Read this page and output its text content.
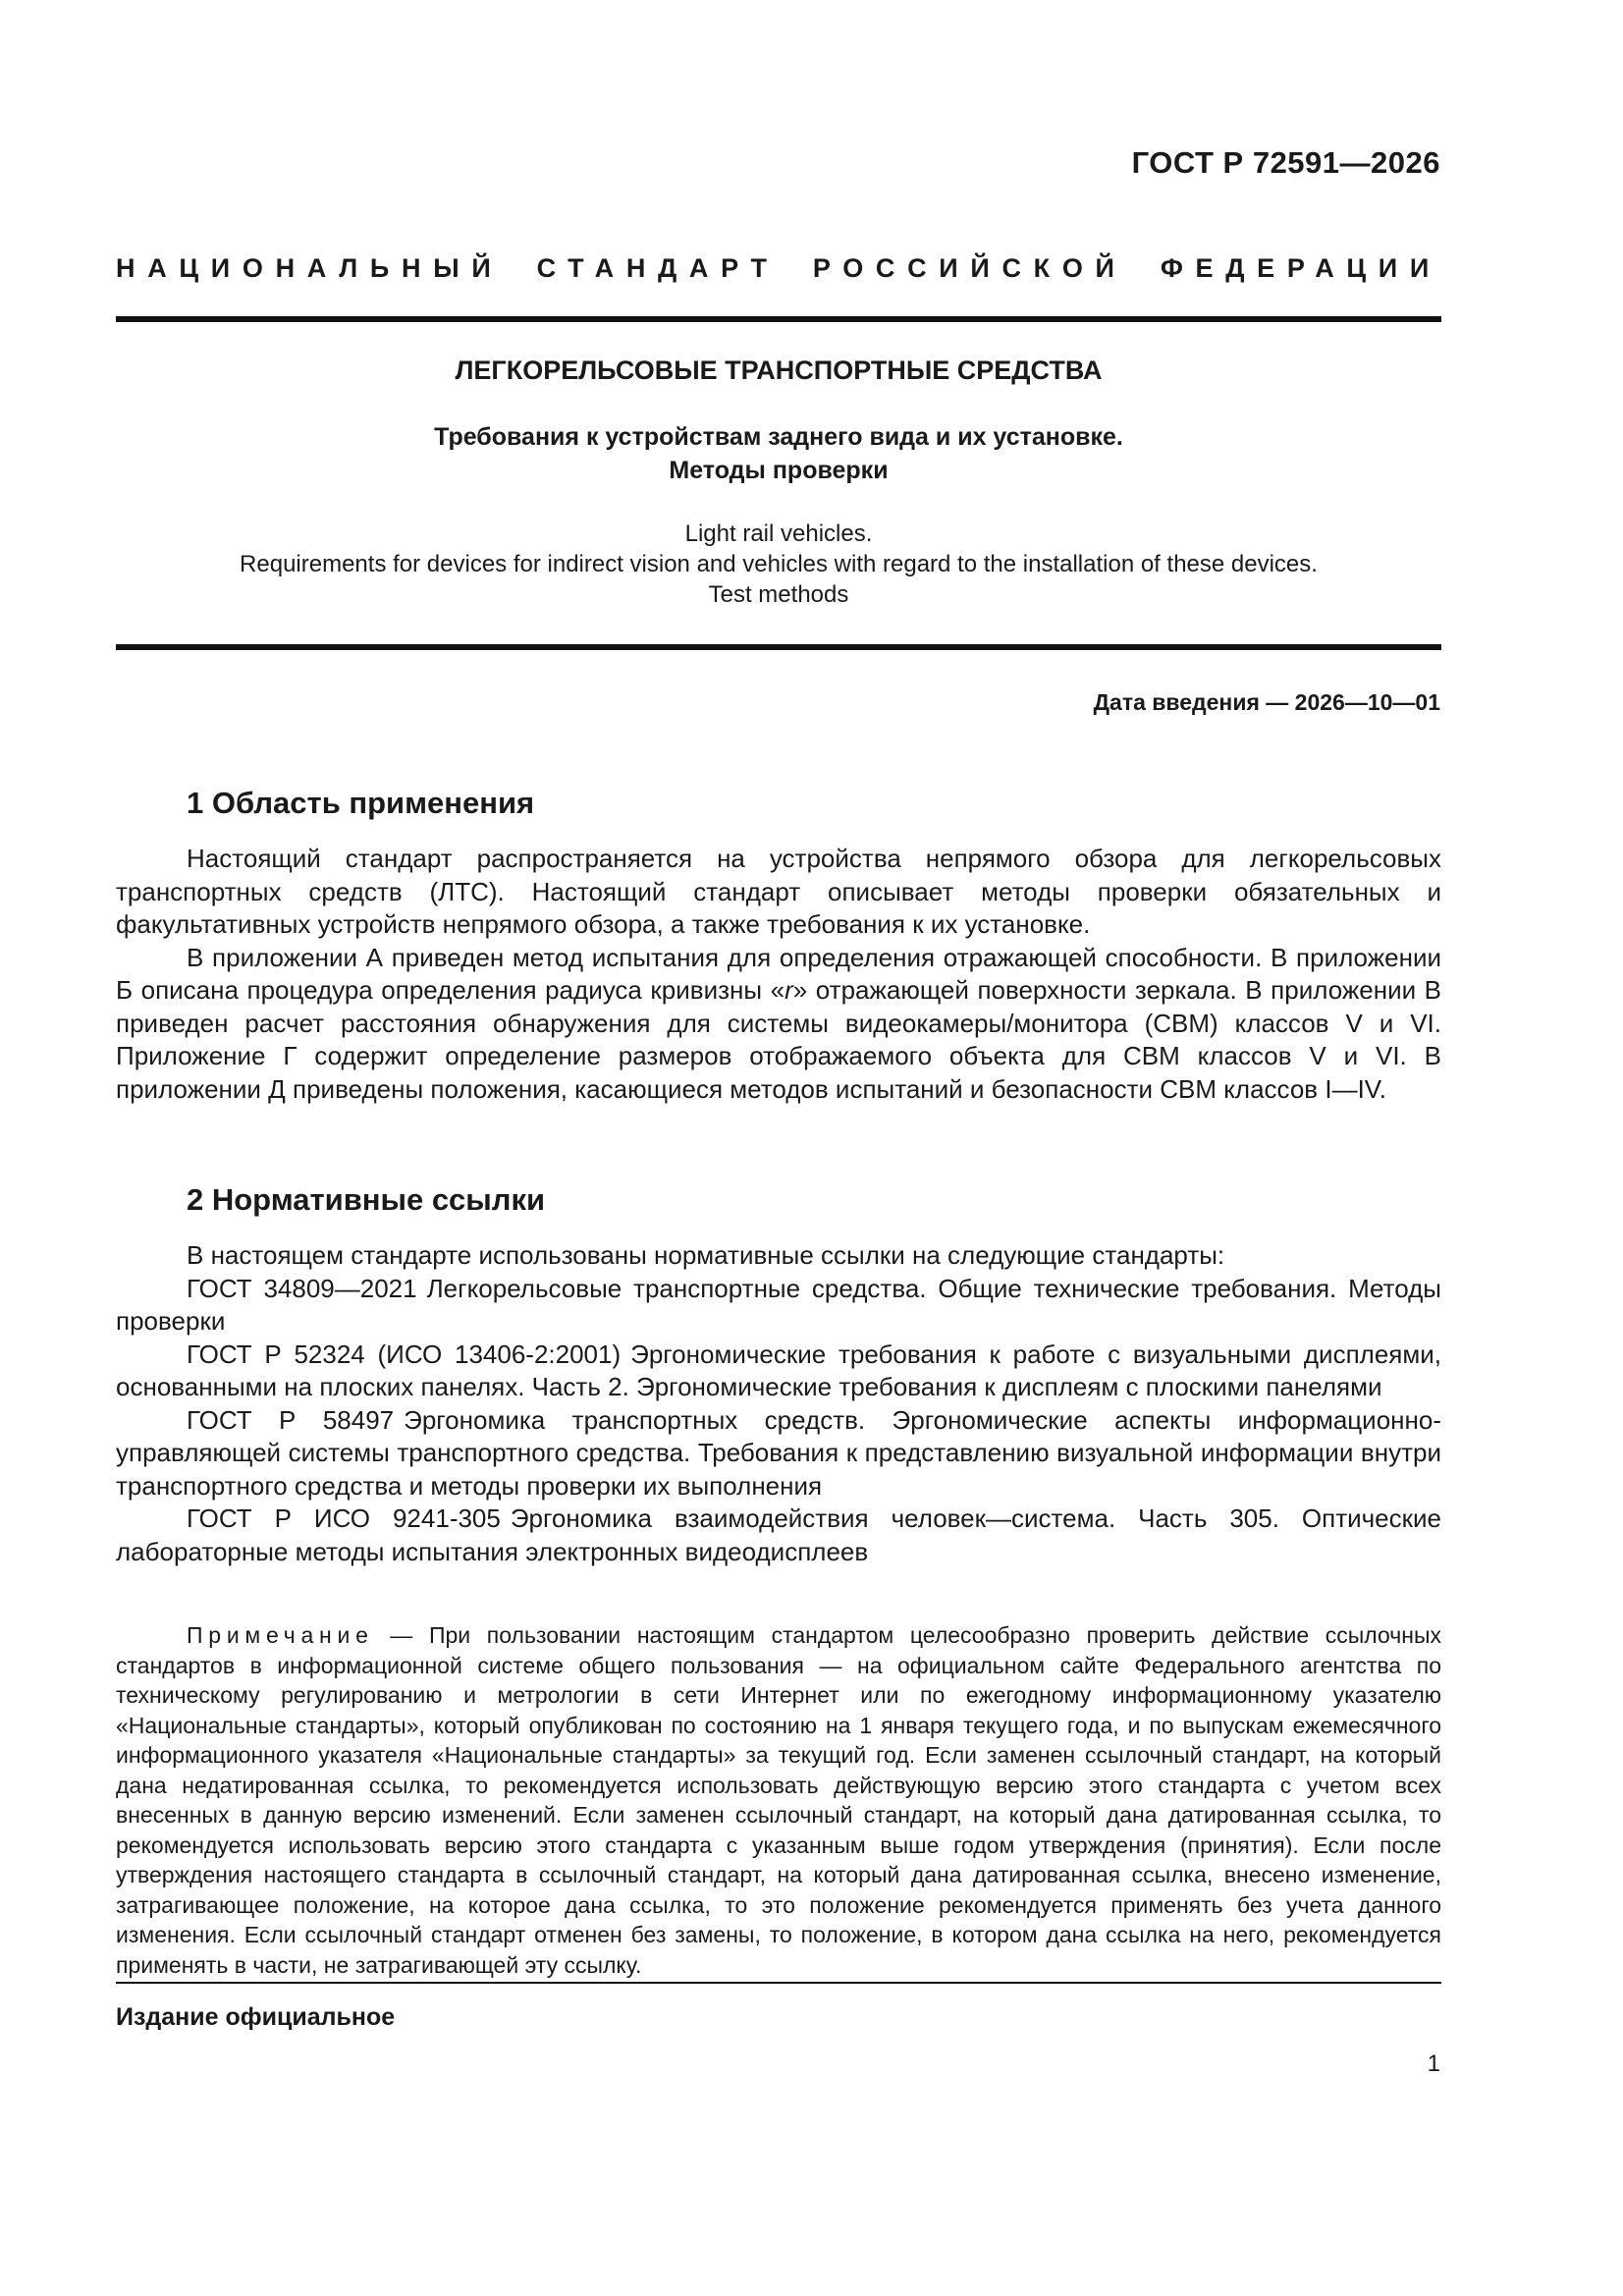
ГОСТ Р 72591—2026
НАЦИОНАЛЬНЫЙ СТАНДАРТ РОССИЙСКОЙ ФЕДЕРАЦИИ
ЛЕГКОРЕЛЬСОВЫЕ ТРАНСПОРТНЫЕ СРЕДСТВА
Требования к устройствам заднего вида и их установке.
Методы проверки
Light rail vehicles.
Requirements for devices for indirect vision and vehicles with regard to the installation of these devices.
Test methods
Дата введения — 2026—10—01
1 Область применения

Настоящий стандарт распространяется на устройства непрямого обзора для легкорельсовых транспортных средств (ЛТС). Настоящий стандарт описывает методы проверки обязательных и факультативных устройств непрямого обзора, а также требования к их установке.

В приложении А приведен метод испытания для определения отражающей способности. В приложении Б описана процедура определения радиуса кривизны «r» отражающей поверхности зеркала. В приложении В приведен расчет расстояния обнаружения для системы видеокамеры/монитора (СВМ) классов V и VI. Приложение Г содержит определение размеров отображаемого объекта для СВМ классов V и VI. В приложении Д приведены положения, касающиеся методов испытаний и безопасности СВМ классов I—IV.

2 Нормативные ссылки

В настоящем стандарте использованы нормативные ссылки на следующие стандарты:

ГОСТ 34809—2021 Легкорельсовые транспортные средства. Общие технические требования. Методы проверки

ГОСТ Р 52324 (ИСО 13406-2:2001) Эргономические требования к работе с визуальными дисплеями, основанными на плоских панелях. Часть 2. Эргономические требования к дисплеям с плоскими панелями

ГОСТ Р 58497 Эргономика транспортных средств. Эргономические аспекты информационно-управляющей системы транспортного средства. Требования к представлению визуальной информации внутри транспортного средства и методы проверки их выполнения

ГОСТ Р ИСО 9241-305 Эргономика взаимодействия человек—система. Часть 305. Оптические лабораторные методы испытания электронных видеодисплеев

Примечание — При пользовании настоящим стандартом целесообразно проверить действие ссылочных стандартов в информационной системе общего пользования — на официальном сайте Федерального агентства по техническому регулированию и метрологии в сети Интернет или по ежегодному информационному указателю «Национальные стандарты», который опубликован по состоянию на 1 января текущего года, и по выпускам ежемесячного информационного указателя «Национальные стандарты» за текущий год. Если заменен ссылочный стандарт, на который дана недатированная ссылка, то рекомендуется использовать действующую версию этого стандарта с учетом всех внесенных в данную версию изменений. Если заменен ссылочный стандарт, на который дана датированная ссылка, то рекомендуется использовать версию этого стандарта с указанным выше годом утверждения (принятия). Если после утверждения настоящего стандарта в ссылочный стандарт, на который дана датированная ссылка, внесено изменение, затрагивающее положение, на которое дана ссылка, то это положение рекомендуется применять без учета данного изменения. Если ссылочный стандарт отменен без замены, то положение, в котором дана ссылка на него, рекомендуется применять в части, не затрагивающей эту ссылку.

Издание официальное
1
